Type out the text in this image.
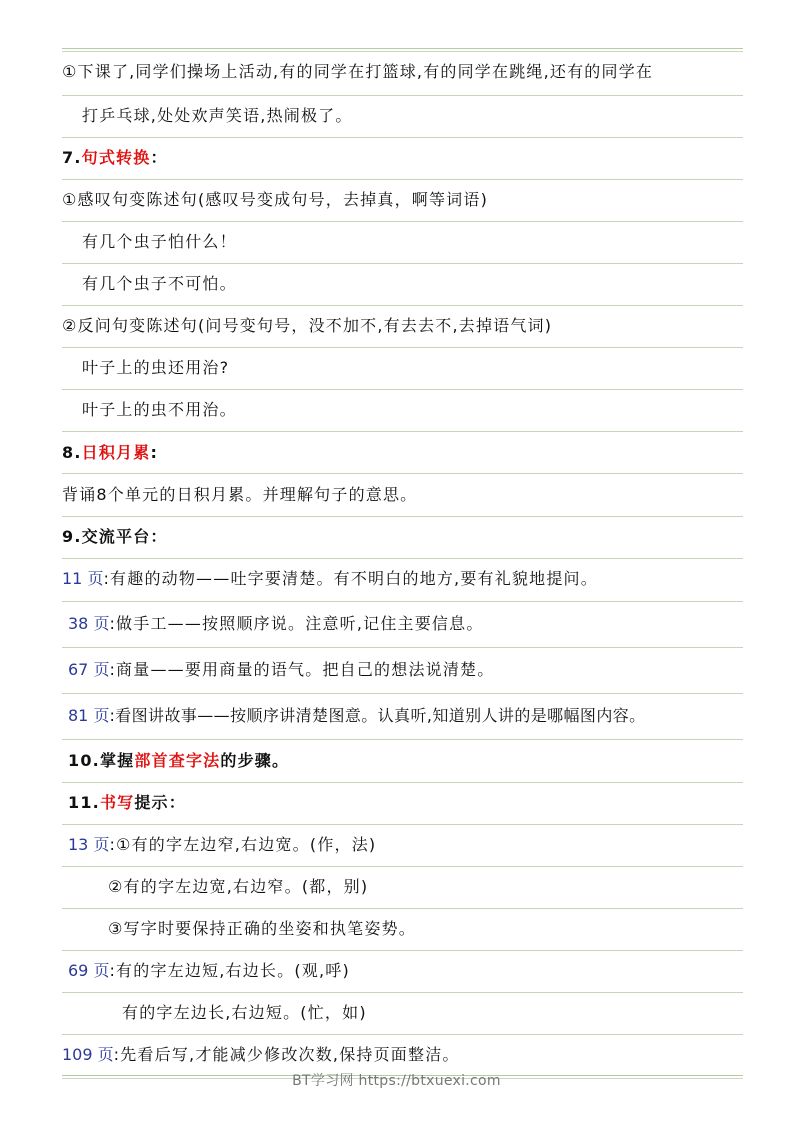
①下课了,同学们操场上活动,有的同学在打篮球,有的同学在跳绳,还有的同学在
打乒乓球,处处欢声笑语,热闹极了。
7.句式转换：
①感叹句变陈述句(感叹号变成句号，去掉真，啊等词语)
有几个虫子怕什么！
有几个虫子不可怕。
②反问句变陈述句(问号变句号，没不加不,有去去不,去掉语气词)
叶子上的虫还用治?
叶子上的虫不用治。
8.日积月累:
背诵8个单元的日积月累。并理解句子的意思。
9.交流平台：
11 页:有趣的动物——吐字要清楚。有不明白的地方,要有礼貌地提问。
38 页:做手工——按照顺序说。注意听,记住主要信息。
67 页:商量——要用商量的语气。把自己的想法说清楚。
81 页:看图讲故事——按顺序讲清楚图意。认真听,知道别人讲的是哪幅图内容。
10.掌握部首查字法的步骤。
11.书写提示：
13 页:①有的字左边窄,右边宽。(作，法)
②有的字左边宽,右边窄。(都，别)
③写字时要保持正确的坐姿和执笔姿势。
69 页:有的字左边短,右边长。(观,呼)
有的字左边长,右边短。(忙，如)
109 页:先看后写,才能减少修改次数,保持页面整洁。
BT学习网 https://btxuexi.com
